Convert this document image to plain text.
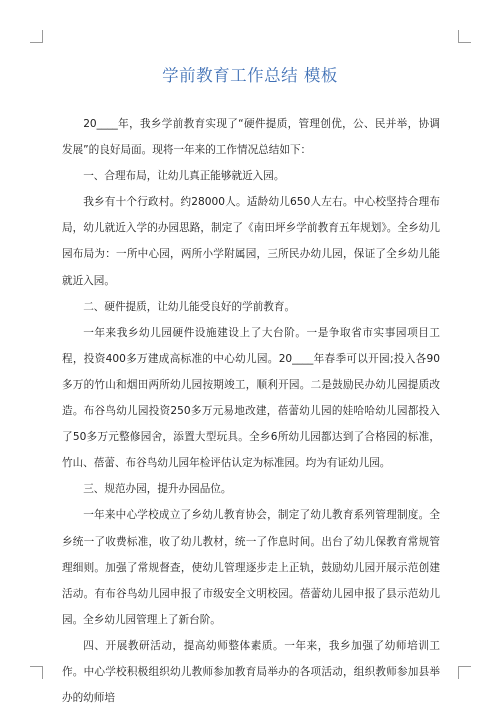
学前教育工作总结 模板

20____年，我乡学前教育实现了“硬件提质，管理创优，公、民并举，协调发展”的良好局面。现将一年来的工作情况总结如下：

一、合理布局，让幼儿真正能够就近入园。

我乡有十个行政村。约28000人。适龄幼儿650人左右。中心校坚持合理布局，幼儿就近入学的办园思路，制定了《南田坪乡学前教育五年规划》。全乡幼儿园布局为：一所中心园，两所小学附属园，三所民办幼儿园，保证了全乡幼儿能就近入园。

二、硬件提质，让幼儿能受良好的学前教育。

一年来我乡幼儿园硬件设施建设上了大台阶。一是争取省市实事园项目工程，投资400多万建成高标准的中心幼儿园。20____年春季可以开园;投入各90多万的竹山和烟田两所幼儿园按期竣工，顺利开园。二是鼓励民办幼儿园提质改造。布谷鸟幼儿园投资250多万元易地改建，蓓蕾幼儿园的娃哈哈幼儿园都投入了50多万元整修园舍，添置大型玩具。全乡6所幼儿园都达到了合格园的标准，竹山、蓓蕾、布谷鸟幼儿园年检评估认定为标准园。均为有证幼儿园。

三、规范办园，提升办园品位。

一年来中心学校成立了乡幼儿教育协会，制定了幼儿教育系列管理制度。全乡统一了收费标准，收了幼儿教材，统一了作息时间。出台了幼儿保教育常规管理细则。加强了常规督查，使幼儿管理逐步走上正轨，鼓励幼儿园开展示范创建活动。有布谷鸟幼儿园申报了市级安全文明校园。蓓蕾幼儿园申报了县示范幼儿园。全乡幼儿园管理上了新台阶。

四、开展教研活动，提高幼师整体素质。一年来，我乡加强了幼师培训工作。中心学校积极组织幼儿教师参加教育局举办的各项活动，组织教师参加县举办的幼师培
